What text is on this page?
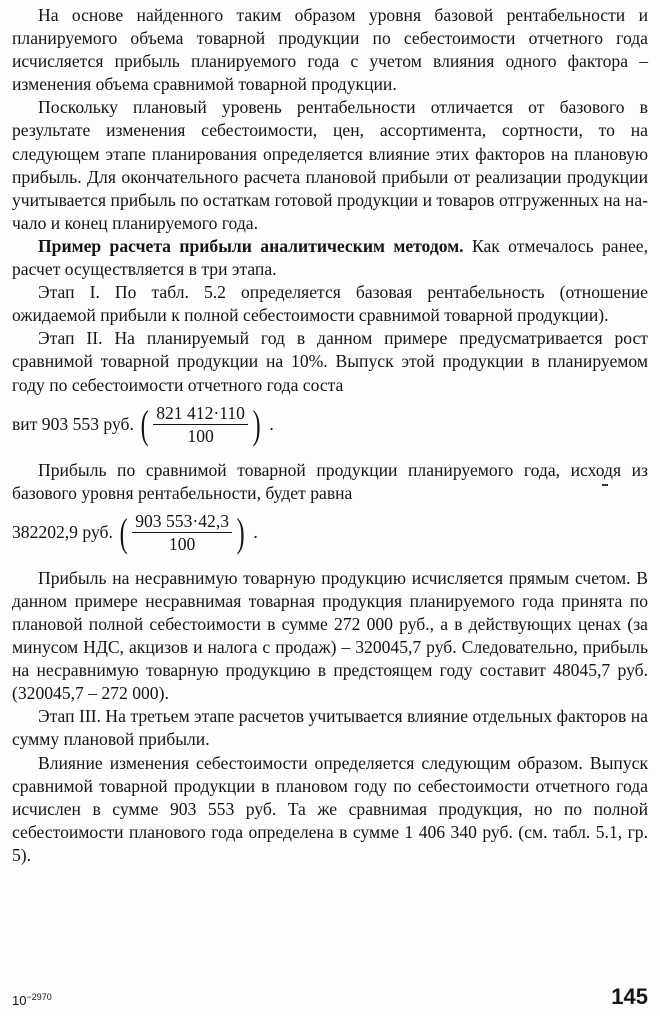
На основе найденного таким образом уровня базовой рентабельности и планируемого объема товарной продукции по себестоимости отчетного года исчисляется прибыль планируемого года с учетом влияния одного фактора – изменения объема сравнимой товарной продукции.

Поскольку плановый уровень рентабельности отличается от базового в результате изменения себестоимости, цен, ассортимента, сортности, то на следующем этапе планирования определяется влияние этих факторов на плановую прибыль. Для окончательного расчета плановой прибыли от реализации продукции учитывается прибыль по остаткам готовой продукции и товаров отгруженных на начало и конец планируемого года.

Пример расчета прибыли аналитическим методом. Как отмечалось ранее, расчет осуществляется в три этапа.

Этап I. По табл. 5.2 определяется базовая рентабельность (отношение ожидаемой прибыли к полной себестоимости сравнимой товарной продукции).

Этап II. На планируемый год в данном примере предусматривается рост сравнимой товарной продукции на 10%. Выпуск этой продукции в планируемом году по себестоимости отчетного года соста

вит 903 553 руб. ( $\frac{821 412\cdot 110}{100}$ ) .

Прибыль по сравнимой товарной продукции планируемого года, исходя из базового уровня рентабельности, будет равна

382202,9 руб. ( $\frac{903 553\cdot 42,3}{100}$ ) .

Прибыль на несравнимую товарную продукцию исчисляется прямым счетом. В данном примере несравнимая товарная продукция планируемого года принята по плановой полной себестоимости в сумме 272 000 руб., а в действующих ценах (за минусом НДС, акцизов и налога с продаж) – 320045,7 руб. Следовательно, прибыль на несравнимую товарную продукцию в предстоящем году составит 48045,7 руб. (320045,7 – 272 000).

Этап III. На третьем этапе расчетов учитывается влияние отдельных факторов на сумму плановой прибыли.

Влияние изменения себестоимости определяется следующим образом. Выпуск сравнимой товарной продукции в плановом году по себестоимости отчетного года исчислен в сумме 903 553 руб. Та же сравнимая продукция, но по полной себестоимости планового года определена в сумме 1 406 340 руб. (см. табл. 5.1, гр. 5).

$10^{-2970}$	145
